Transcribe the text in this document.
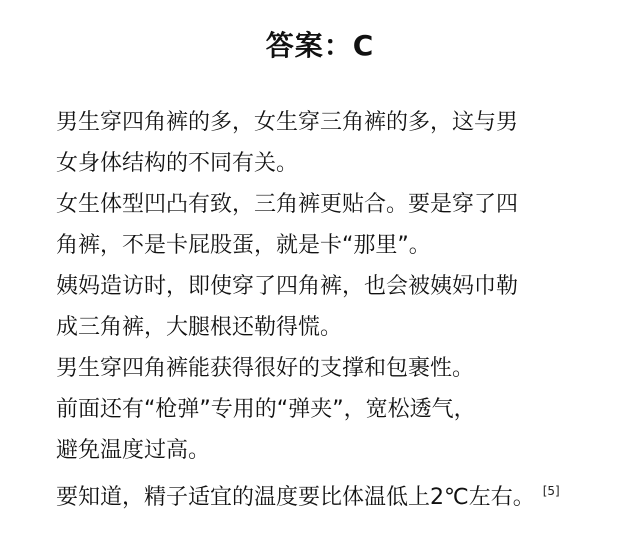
答案：C
男生穿四角裤的多，女生穿三角裤的多，这与男
女身体结构的不同有关。
女生体型凹凸有致，三角裤更贴合。要是穿了四
角裤，不是卡屁股蛋，就是卡“那里”。
姨妈造访时，即使穿了四角裤，也会被姨妈巾勒
成三角裤，大腿根还勒得慌。
男生穿四角裤能获得很好的支撑和包裹性。
前面还有“枪弹”专用的“弹夹”，宽松透气，
避免温度过高。
要知道，精子适宜的温度要比体温低上2℃左右。 [5]
